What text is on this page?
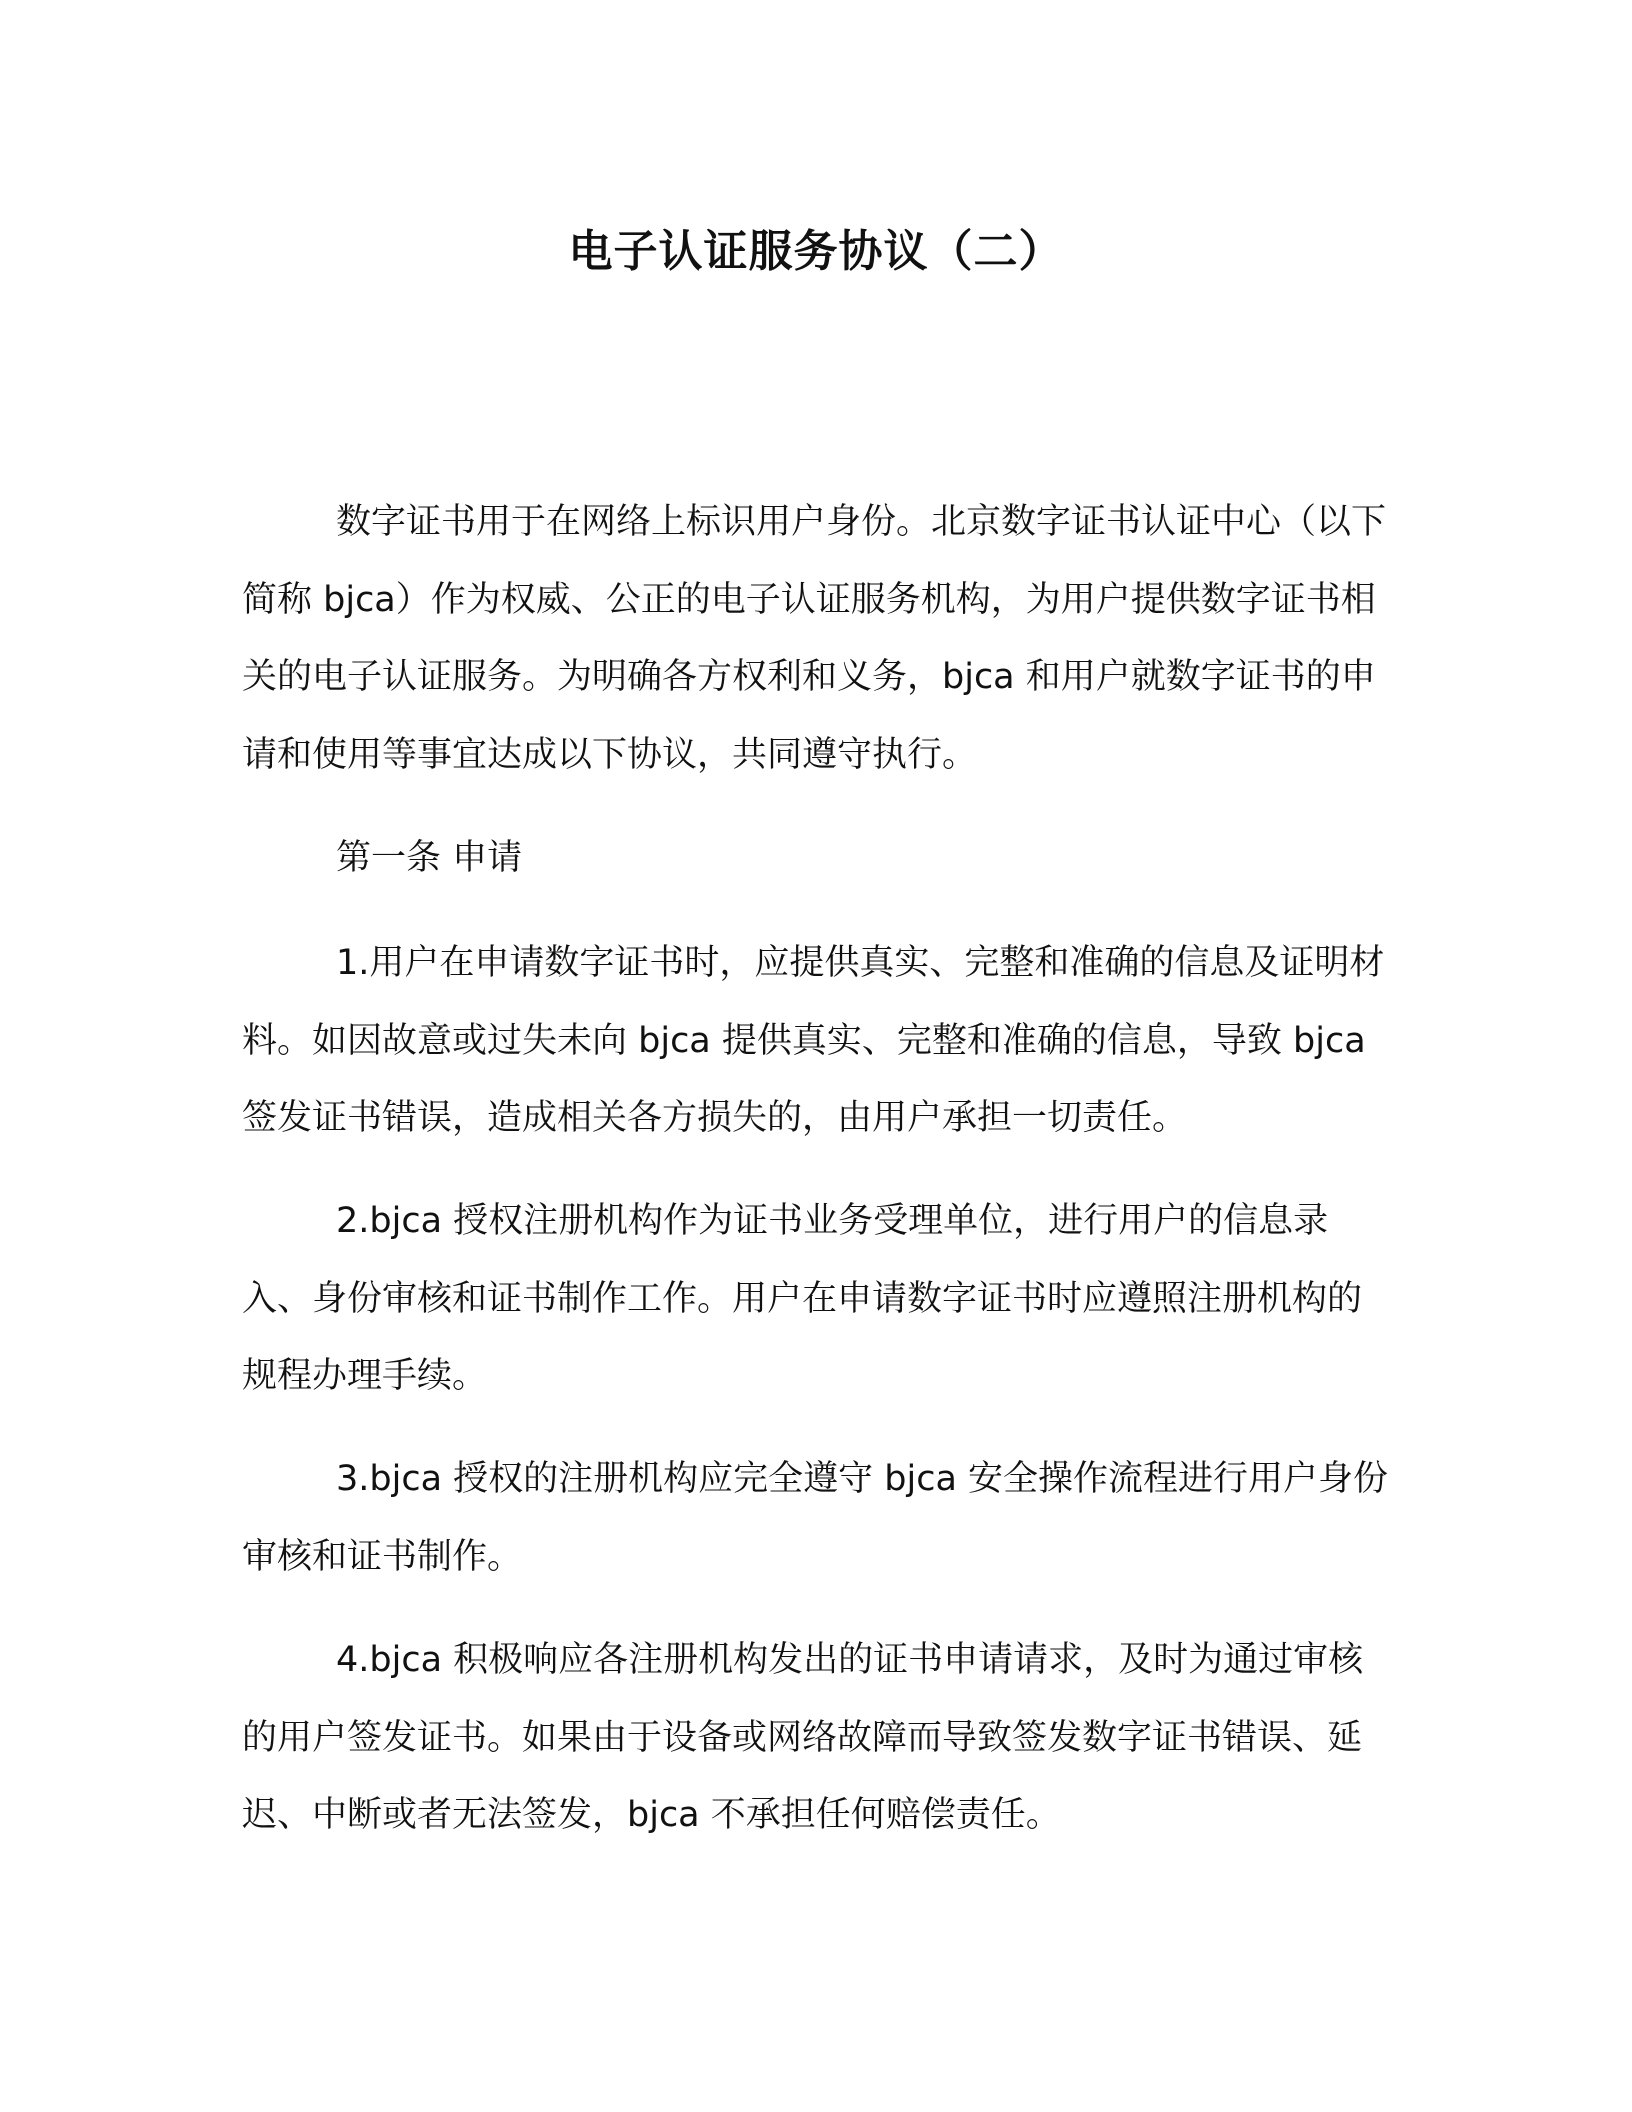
电子认证服务协议（二）

数字证书用于在网络上标识用户身份。北京数字证书认证中心（以下简称 bjca）作为权威、公正的电子认证服务机构，为用户提供数字证书相关的电子认证服务。为明确各方权利和义务，bjca 和用户就数字证书的申请和使用等事宜达成以下协议，共同遵守执行。

第一条 申请

1.用户在申请数字证书时，应提供真实、完整和准确的信息及证明材料。如因故意或过失未向 bjca 提供真实、完整和准确的信息，导致 bjca 签发证书错误，造成相关各方损失的，由用户承担一切责任。

2.bjca 授权注册机构作为证书业务受理单位，进行用户的信息录入、身份审核和证书制作工作。用户在申请数字证书时应遵照注册机构的规程办理手续。

3.bjca 授权的注册机构应完全遵守 bjca 安全操作流程进行用户身份审核和证书制作。

4.bjca 积极响应各注册机构发出的证书申请请求，及时为通过审核的用户签发证书。如果由于设备或网络故障而导致签发数字证书错误、延迟、中断或者无法签发，bjca 不承担任何赔偿责任。
